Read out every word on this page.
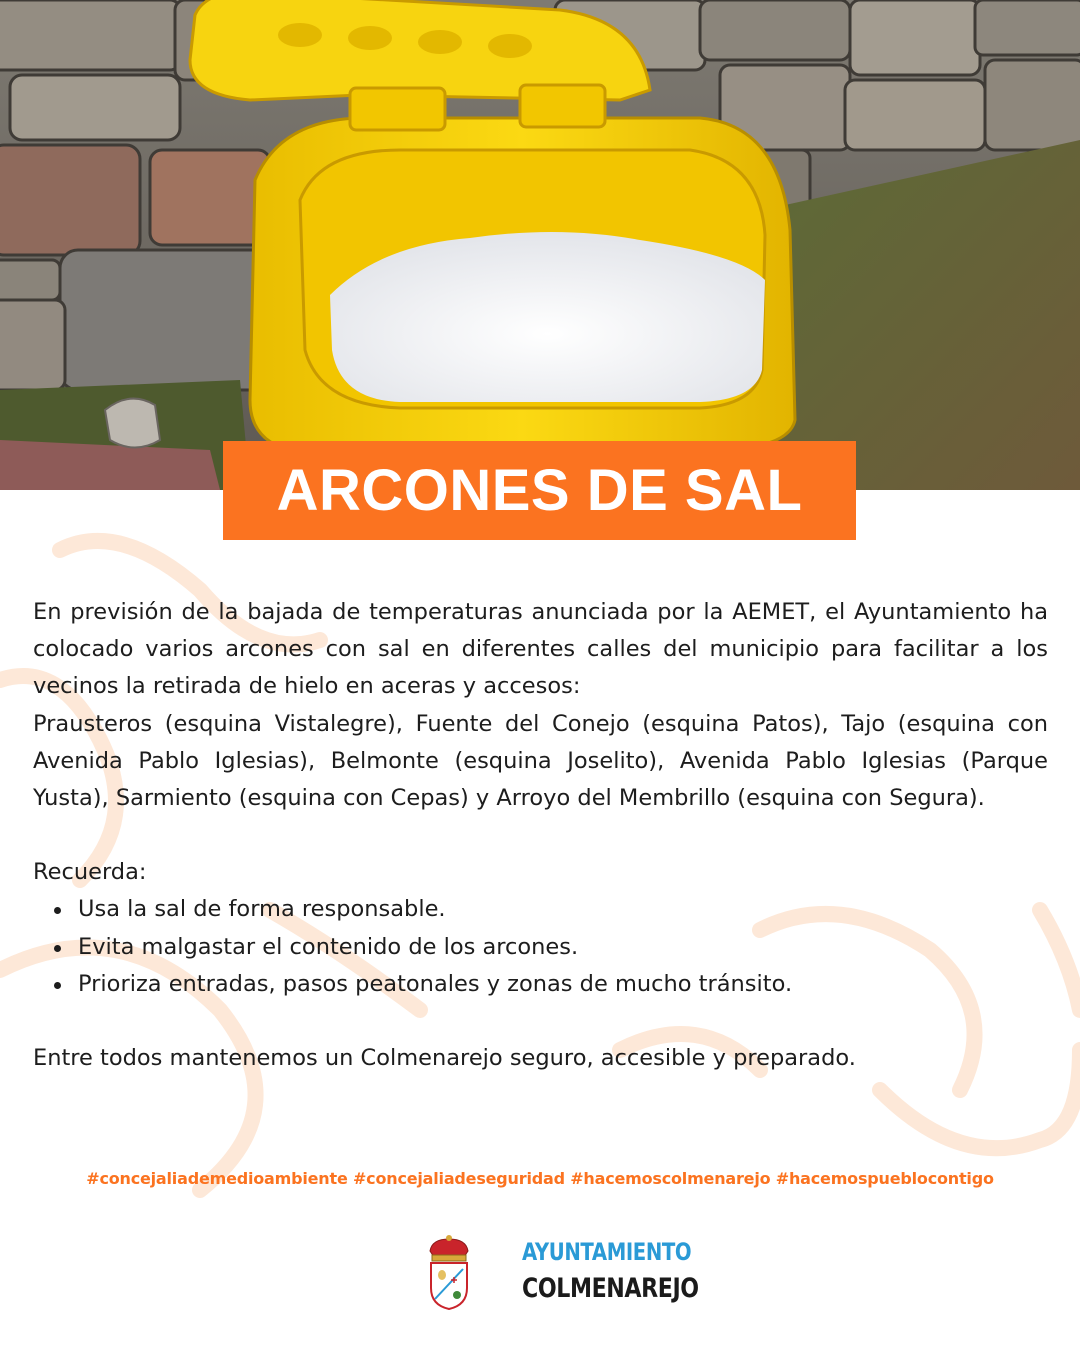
ARCONES DE SAL

En previsión de la bajada de temperaturas anunciada por la AEMET, el Ayuntamiento ha colocado varios arcones con sal en diferentes calles del municipio para facilitar a los vecinos la retirada de hielo en aceras y accesos:

Prausteros (esquina Vistalegre), Fuente del Conejo (esquina Patos), Tajo (esquina con Avenida Pablo Iglesias), Belmonte (esquina Joselito), Avenida Pablo Iglesias (Parque Yusta), Sarmiento (esquina con Cepas) y Arroyo del Membrillo (esquina con Segura).

Recuerda:

Usa la sal de forma responsable.
Evita malgastar el contenido de los arcones.
Prioriza entradas, pasos peatonales y zonas de mucho tránsito.

Entre todos mantenemos un Colmenarejo seguro, accesible y preparado.

#concejaliademedioambiente #concejaliadeseguridad #hacemoscolmenarejo #hacemospueblocontigo
AYUNTAMIENTO
COLMENAREJO
